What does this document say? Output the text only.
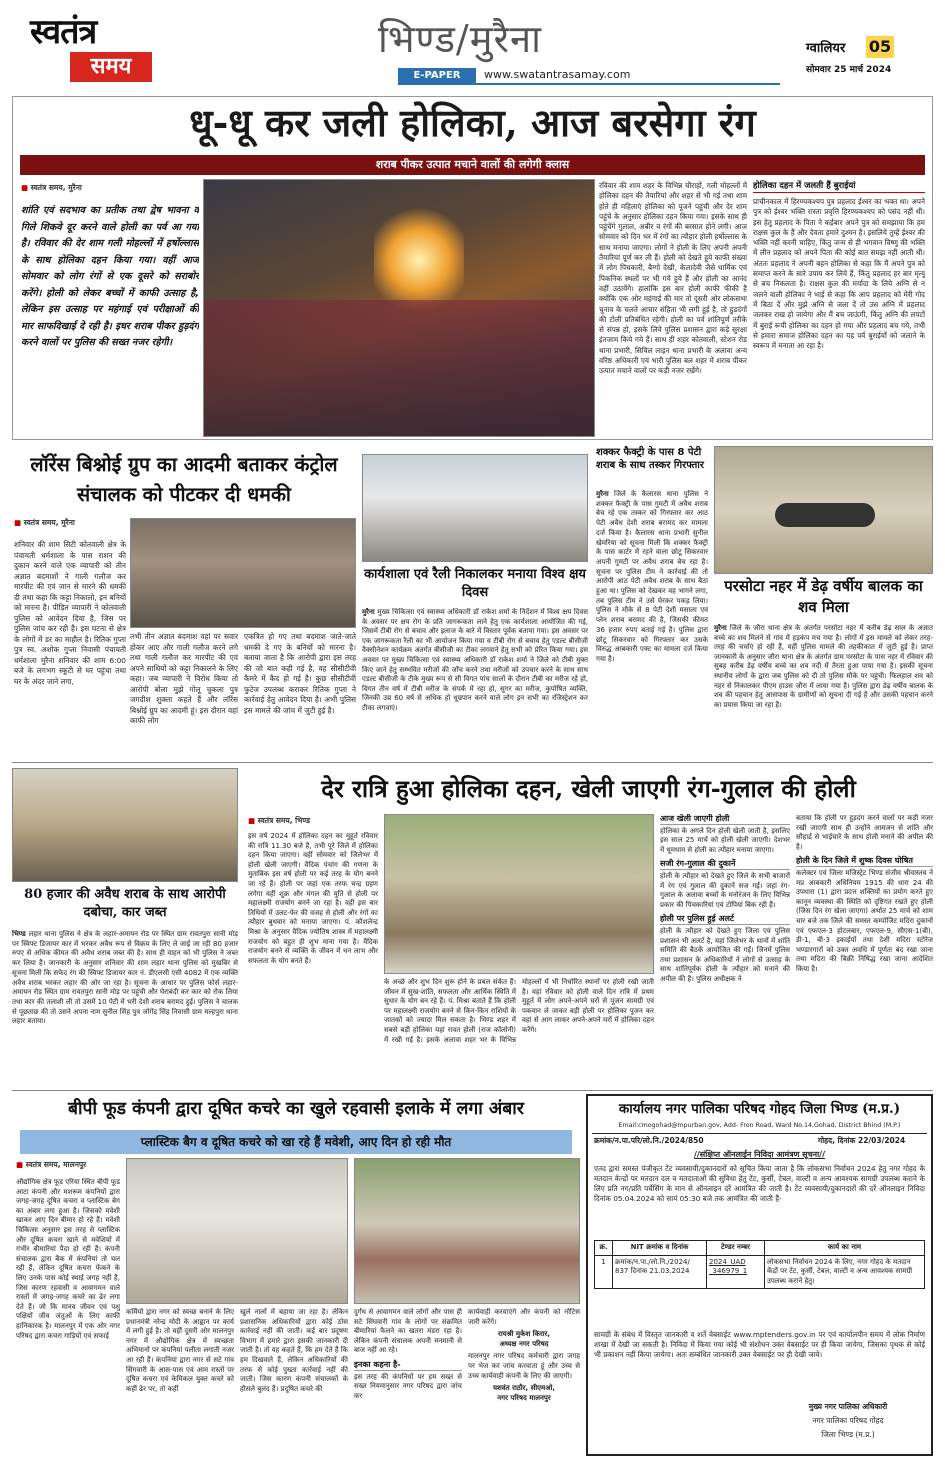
स्वतंत्र
समय
भिण्ड/मुरैना
E-PAPER	www.swatantrasamay.com
ग्वालियर 05
सोमवार 25 मार्च 2024
धू-धू कर जली होलिका, आज बरसेगा रंग
शराब पीकर उत्पात मचाने वालों की लगेगी क्लास
■ स्वतंत्र समय, मुरैना
शांति एवं सदभाव का प्रतीक तथा द्वेष भावना व गिले शिकवे दूर करने वाले होली का पर्व आ गया है। रविवार की देर शाम गली मोहल्लों में हर्षोल्लास के साथ होलिका दहन किया गया। वहीं आज सोमवार को लोग रंगों से एक दूसरे को सराबोर करेंगे। होली को लेकर बच्चों में काफी उत्साह है, लेकिन इस उत्साह पर महंगाई एवं परीक्षाओं की मार साफदिखाई दे रही है। इधर शराब पीकर हुड़दंग करने वालों पर पुलिस की सख्त नजर रहेगी।
रविवार की शाम शहर के विभिन्न चौराहों, गली मोहल्लों में होलिका दहन की तैयारियां और शहर से भी गई तथा शाम होते ही महिलाएं होलिका को पूजने पहुंची और देर शाम पहुंचे के अनुसार होलिका दहन किया गया। इसके साथ ही पहुंचेंगे गुलाल, अबीर व रंगों की बरसात होने लगी। आज सोमवार को दिन भर में रंगों का त्यौहार होली हर्षोल्लास के साथ मनाया जाएगा। लोगों ने होली के लिए अपनी अपनी तैयारियां पूर्ण कर ली हैं। होली को देखते हुये काफी संख्या में लोग पिचकारी, बैग्गो देखी, केलादेवी जैसे धार्मिक एवं पिकनिक स्थलों पर भी गये हुये हैं और होली का आनंद वहीं उठायेंगे। हालांकि इस बार होली काफी फीकी है क्योंकि एक ओर महंगाई की मार तो दूसरी ओर लोकसभा चुनाव के चलते आचार संहिता भी लगी हुई है, तो हुडदंगों की टोली प्रतिबंधित रहेगी। होली का पर्व शांतिपूर्ण तरीके से संपन्न हो, इसके लिये पुलिस प्रशासन द्वारा कड़े सुरक्षा इंतजाम किये गये हैं। साथ ही शहर कोतवाली, स्टेशन रोड थाना प्रभारी, सिविल लाइन थाना प्रभारी के अलावा अन्य वरिष्ठ अधिकारी एवं भारी पुलिस बल शहर में शराब पीकर उत्पात मचाने वालों पर कड़ी नजर रखेंगे।
होलिका दहन में जलती हैं बुराईयां
प्राचीनकाल में हिरण्यकश्यप पुत्र प्रहलाद ईश्वर का भक्त था। अपने पुत्र को ईश्वर भक्ति रास्ता प्रवृत्ति हिरण्यकश्यप को पसंद नहीं थी। इस हेतु प्रहलाद के पिता ने कईबार अपने पुत्र को समझाया कि हम राक्षस कुल के हैं और देवता हमारे दुश्मन है। इसलिये तुम्हें ईश्वर की भक्ति नहीं करनी चाहिए, किंतु जन्म से ही भगवान विष्णु की भक्ति में लीन प्रहलाद को अपने पिता की कोई बात समझ नहीं आती थी। अंततः प्रहलाद ने अपनी बहन होलिका से कहा कि मैं अपने पुत्र को समाप्त करने के सारे उपाय कर लिये हैं, किंतु प्रहलाद हर बार मृत्यु से बच निकलता है। राक्षस कुल की मर्यादा के लिये अग्नि से न जलने वाली होलिका ने भाई से कहा कि आप प्रहलाद को मेरी गोद में बिठा दें और मुझे अग्नि से जला दें तो उस अग्नि में प्रहलाद जलकर राख हो जायेगा और मैं बच जाऊंगी, किंतु अग्नि की लपटों में बुराई रूपी होलिका का दहन हो गया और प्रहलाद बच गये, तभी से हमारा समाज होलिका दहन का यह पर्व बुराईयों को जलाने के स्वरूप में मनाता आ रहा है।
लॉरेंस बिश्नोई ग्रुप का आदमी बताकर कंट्रोल संचालक को पीटकर दी धमकी
■ स्वतंत्र समय, मुरैना
शनिवार की शाम सिटी कोतवाली क्षेत्र के पंचायती धर्मशाला के पास राशन की दुकान करने वाले एक व्यापारी को तीन अज्ञात बदमाशों ने गाली गलौज कर मारपीट की एवं जान से मारने की धमकी दी तथा कहा कि कट्टा निकालो, इन बनियों को मारना है। पीड़ित व्यापारी ने कोतवाली पुलिस को आवेदन दिया है, जिस पर पुलिस जांच कर रही है। इस घटना से क्षेत्र के लोगों में डर का माहौल है। रितिक गुप्ता पुत्र स्व. अशोक गुप्ता निवासी पंचायती धर्मशाला मुरैना शनिवार की शाम 6:00 बजे के लगभग स्कूटी से घर पहुंचा तथा घर के अंदर जाने लगा,
तभी तीन अज्ञात बदमाश वहां पर सवार होकर आए और गाली गलौज करने लगे तथा गाली गलौज कर मारपीट की एवं अपने साथियों को कट्टा निकालने के लिए कहा। जब व्यापारी ने विरोध किया तो आरोपी बोला मुझे गोलू चुकला पुत्र जगदीश शुक्ला कहते हैं और लॉरेंस बिश्नोई ग्रुप का आदमी हूं। इस दौरान वहां काफी लोग
एकत्रित हो गए तथा बदमाश जाते-जाते धमकी दे गए के बनियों को मारना है। बताया जाता है कि आरोपी द्वारा इस तरह की जो बात कही गई है, वह सीसीटीवी कैमरे में कैद हो गई है। कुछ सीसीटीवी फुटेज उपलब्ध कराकर रितिक गुप्ता ने कार्रवाई हेतु आवेदन दिया है। अभी पुलिस इस मामले की जांच में जुटी हुई है।
कार्यशाला एवं रैली निकालकर मनाया विश्व क्षय दिवस
मुरैना मुख्य चिकित्सा एवं स्वास्थ्य अधिकारी डॉ राकेश शर्मा के निर्देशन में विश्व क्षय दिवस के अवसर पर क्षय रोग के प्रति जागरूकता लाने हेतु एक कार्यशाला आयोजित की गई, जिसमें टीबी रोग से बचाव और इलाज के बारे में विस्तार पूर्वक बताया गया। इस अवसर पर एक जागरूकता रैली का भी आयोजन किया गया व टीबी रोग से बचाव हेतु एडल्ट बीसीजी वैक्सीनेशन कार्यक्रम अंतर्गत बीसीजी का टीका लगवाने हेतु सभी को प्रेरित किया गया। इस अवसर पर मुख्य चिकित्सा एवं स्वास्थ्य अधिकारी डॉ राकेश शर्मा ने जिले को टीबी मुक्त किए जाने हेतु सम्भवित मरीजों की जाँच करने तथा मरीजों को उपचार करने के साथ साथ एडल्ट बीसीजी के टीके मुख्य रूप से सी विगत पांच सालों के दौरान टीबी का मरीज रहे हो, विगत तीन वर्ष में टीबी मरीज के संपर्क में रहा हो, सुगर का मरीज, कुपोषित व्यक्ति, जिनकी उम्र 60 वर्ष से अधिक हो धूम्रपान करने वाले लोग इन सभी का रजिस्ट्रेशन कर टीका लगवाएं।
शक्कर फैक्ट्री के पास 8 पेटी शराब के साथ तस्कर गिरफ्तार
मुरैना जिले के कैलारस थाना पुलिस ने शक्कर फैक्ट्री के पास गुमटी में अवैध शराब बेच रहे एक तस्कर को गिरफ्तार कर आठ पेटी अवैध देशी शराब बरामद कर मामला दर्ज किया है। कैलारस थाना प्रभारी सुनील खेमरिया को सूचना मिली कि शक्कर फैक्ट्री के पास कार्टर में रहने वाला छोटू सिकरवार अपनी गुमटी पर अवैध शराब बेच रहा है। सूचना पर पुलिस टीम ने कार्रवाई की तो आरोपी आठ पेटी अवैध शराब के साथ बैठा हुआ था। पुलिस को देखकर वह भागने लगा, तब पुलिस टीम ने उसे घेरकर पकड़ लिया। पुलिस ने मौके से 8 पेटी देशी मसाला एवं प्लेन शराब बरामद की है, जिसकी कीमत 36 हजार रुपए बताई गई है। पुलिस द्वारा छोटू सिकरवार को गिरफ्तार कर उसके विरुद्ध आबकारी एक्ट का मामला दर्ज किया गया है।
परसोटा नहर में डेढ़ वर्षीय बालक का शव मिला
मुरैना जिले के जौरा थाना क्षेत्र के अंतर्गत परसोटा नहर में करीब डेढ़ साल के अज्ञात बच्चे का शव मिलने से गांव में हड़कंप मच गया है। लोगों में इस मामले को लेकर तरह-तरह की चर्चाएं हो रही हैं, वहीं पुलिस मामले की तहकीकात में जुटी हुई है। प्राप्त जानकारी के अनुसार जौरा थाना क्षेत्र के अंतर्गत ग्राम परसोटा के पास नहर में रविवार की सुबह करीब डेढ़ वर्षीय बच्चे का शव नदी में तैरता हुआ पाया गया है। इसकी सूचना स्थानीय लोगों के द्वारा जब पुलिस को दी तो पुलिस मौके पर पहुंची। फिलहाल शव को नहर से निकालकर पीएम हाउस जौरा में लाया गया है। पुलिस द्वारा डेढ़ वर्षीय बालक के शव की पहचान हेतु आसपास के ग्रामीणों को सूचना दी गई है और उसकी पहचान करने का प्रयास किया जा रहा है।
80 हजार की अवैध शराब के साथ आरोपी दबोचा, कार जब्त
भिण्ड लहार थाना पुलिस ने क्षेत्र के लहार-अमायन रोड पर स्थित ग्राम रावतपुरा सानी मोड़ पर स्विफ्ट डिजायर कार में भरकर अवैध रूप से विक्रय के लिए ले जाई जा रही 80 हजार रुपए से अधिक कीमत की अवैध शराब जब्त की है। साथ ही वाहन को भी पुलिस ने जब्त कर लिया है। जानकारी के अनुसार शनिवार की शाम लहार थाना पुलिस को मुखबिर से सूचना मिली कि सफेद रंग की स्विफ्ट डिजायर कार नं. डीएलसी एसी 4082 में एक व्यक्ति अवैध शराब भरकर लहार की ओर जा रहा है। सूचना के आधार पर पुलिस फोर्स लहार-अमायन रोड स्थित ग्राम रावतपुरा सानी मोड़ पर पहुंची और घेराबंदी कर कार को रोक लिया तथा कार की तलाशी ली तो उसमें 10 पेटी में भरी देशी शराब बरामद हुई। पुलिस ने चालक से पूछताछ की तो उसने अपना नाम सुनील सिंह पुत्र जोगेंद्र सिंह निवासी ग्राम मल्हपुरा थाना लहार बताया।
देर रात्रि हुआ होलिका दहन, खेली जाएगी रंग-गुलाल की होली
■ स्वतंत्र समय, भिण्ड
इस वर्ष 2024 में होलिका दहन का मुहूर्त रविवार की रात्रि 11.30 बजे है, तभी पूरे जिले में होलिका दहन किया जाएगा। वहीं सोमवार को जिलेभर में होली खेली जाएगी। वैदिक पंचांग की गणना के मुताबिक इस वर्ष होली पर कई तरह के योग बनने जा रहे हैं। होली पर जहां एक तरफ चन्द्र ग्रहण लगेगा वहीं शुक्र और मंगल की युति से होली पर महालक्ष्मी राजयोग बनने जा रहा है। वहीं इस बार तिथियों में उलट-फेर की वजह से होली और रंगों का त्यौहार बुधवार को मनाया जाएगा। पं. कौशलेन्द्र मिश्रा के अनुसार वैदिक ज्योतिष शास्त्र में महालक्ष्मी राजयोग को बहुत ही शुभ माना गया है। वैदिक राजयोग बनने से व्यक्ति के जीवन में धन लाभ और सफलता के योग बनते हैं।
के अच्छे और शुभ दिन शुरू होने के प्रबल संकेत हैं। जीवन में सुख-शांति, सफलता और आर्थिक स्थिति में सुधार के योग बन रहे हैं। पं. मिश्रा बताते हैं कि होली पर महालक्ष्मी राजयोग बनने से किन-किन राशियों के जातकों को ज्यादा मिल सकता है। भिण्ड शहर में सबसे बड़ी होलिका यहां रावत होली (राज कॉलोनी) में रखी गई है। इसके अलावा शहर भर के विभिन्न मोहल्लों में भी निर्धारित स्थानों पर होली रखी जाती है। वहां रविवार को होली वाले दिन रात्रि में प्रथम मुहूर्त में लोग अपने-अपने घरों से पूजन सामग्री एवं पकवान ले जाकर बड़ी होली पर होलिका पूजन कर वहां से आग लाकर अपने-अपने घरों में होलिका दहन करेंगे।
आज खेली जाएगी होली
होलिका के अगले दिन होली खेली जाती है, इसलिए इस साल 25 मार्च को होली खेली जाएगी। देशभर में धूमधाम से होली का त्यौहार मनाया जाएगा।
सजी रंग-गुलाल की दुकानें
होली के त्यौहार को देखते हुए जिले के सभी बाजारों में रंग एवं गुलाल की दुकानें सज गईं। जहां रंग-गुलाल के अलावा बच्चों के मनोरंजन के लिए विभिन्न प्रकार की पिचकारियां एवं टोपियां बिक रही हैं।
होली पर पुलिस हुई अलर्ट
होली के त्यौहार को देखते हुए जिला एवं पुलिस प्रशासन भी अलर्ट है, यहां जिलेभर के थानों में शांति समिति की बैठकें आयोजित की गईं। जिनमें पुलिस तथा प्रशासन के अधिकारियों ने लोगों से उत्साह के साथ शांतिपूर्वक होली के त्यौहार को मनाने की अपील की है। पुलिस अधीक्षक ने
बताया कि होली पर हुड़दंग करने वालों पर कड़ी नजर रखी जाएगी साथ ही उन्होंने आमजन से शांति और सौहार्द्र से भाईचारे के साथ होली मनाने की अपील की है।
होली के दिन जिले में शुष्क दिवस घोषित
कलेक्टर एवं जिला मजिस्ट्रेट भिण्ड संजीव श्रीवास्तव ने मप्र आबकारी अधिनियम 1915 की धारा 24 की उपधारा (1) द्वारा प्रदत्त शक्तियों का प्रयोग करते हुए कानून व्यवस्था की स्थिति को दृष्टिगत रखते हुए होली (जिस दिन रंग खेला जाएगा) अर्थात 25 मार्च को शाम चार बजे तक जिले की समस्त कम्पोजिट मदिरा दुकानों एवं एफएल-3 होटलबार, एफएल-9, सीएस-1(बी), डी-1, बी-3 इकाईयों तथा देशी मदिरा स्टोरेज भण्डारगारों को उक्त अवधि में पूर्णतः बंद रखा जाना तथा मदिरा की बिक्री निषिद्ध रखा जाना आदेशित किया है।
बीपी फूड कंपनी द्वारा दूषित कचरे का खुले रहवासी इलाके में लगा अंबार
प्लास्टिक बैग व दूषित कचरे को खा रहे हैं मवेशी, आए दिन हो रही मौत
■ स्वतंत्र समय, मालनपुर
औद्योगिक क्षेत्र फूड एरिया स्थित बीपी फूड आटा कंपनी और मशरूम कंपनियों द्वारा जगह-जगह दूषित कचरा व प्लास्टिक बेग का अंबार लगा हुआ है। जिसको मवेशी खाकर आए दिन बीमार हो रहे हैं। मवेशी चिकित्सा अनुसार इस तरह से प्लास्टिक और दूषित कचरा खाने से मवेशियों में गंभीर बीमारियां पैदा हो रही हैं। कंपनी संचालक द्वारा बैक में कंपनियां तो चल रही हैं, लेकिन दूषित कचरा फेंकने के लिए उनके पास कोई स्थाई जगह नहीं है, जिस कारण रहवासी व आवागमन वाले रास्तों में जगह-जगह कचरे का ढेर लगा देते हैं। जो कि मानव जीवन एवं पशु पक्षियों जीव जंतुओं के लिए काफी हानिकारक है। मालनपुर में एक ओर नगर परिषद द्वारा कचरा गाड़ियों एवं सफाई
कर्मियों द्वारा नगर को स्वच्छ बनाने के लिए प्रधानमंत्री नरेन्द्र मोदी के आह्वान पर कार्य में लगी हुई है। तो वहीं दूसरी ओर मालनपुर नगर में औद्योगिक क्षेत्र में स्वच्छता अभियानों पर कंपनियां पलीता लगाती नजर आ रही हैं। कंपनियां द्वारा नगर से सटे गांव सिंगवारी के आस-पास एवं आम रास्तों पर दूषित कचरा एवं केमिकल युक्त कचरे को कहीं ढेर पर, तो कहीं
खुले नालों में बहाया जा रहा है। लेकिन प्रशासनिक अधिकारियों द्वारा कोई ठोस कार्रवाई नहीं की जाती। कई बार प्रदूषण विभाग में हमारे द्वारा इसकी जानकारी दी जाती है। तो वह कहते हैं, कि हम देते हैं कि हम दिखवाते हैं, लेकिन अधिकारियों की तरफ से कोई पुख्ता कार्रवाई नहीं की जाती। जिस कारण कंपनी संचालकों के हौसले बुलंद हैं। प्रदूषित कचरे की
दुर्गंध से आवागमन वाले लोगों और पास ही सटे सिंघवारी गांव के लोगों पर संक्रमित बीमारियां फैलने का खतरा मंडरा रहा है। लेकिन कंपनी संचालक अपनी मनमानी से बाज नहीं आ रहे।
इनका कहना है-
इस तरह की कंपनियों पर हम सख्त से सख्त नियमानुसार नगर परिषद द्वारा जांच कर
कार्यवाही करवाएंगे और कंपनी को नोटिस जारी करेंगे।
रायश्री मुकेश किरार,
अध्यक्ष नगर परिषद
मालनपुर नगर परिषद कर्मचारी द्वारा जगह पर भेज कर जांच करवाता हूं और उच्च से उच्च कार्यवाही कंपनी के लिए की जाएगी।
यशवंत राठौर, सीएमओ,
नगर परिषद मालनपुर
कार्यालय नगर पालिका परिषद गोहद जिला भिण्ड (म.प्र.)
Email:cmogohad@mpurban.gov, Add- Fron Road, Ward No.14,Gohad, District Bhind (M.P.)
क्रमांक/न.पा.परि/लो.नि./2024/850	गोहद, दिनांक 22/03/2024
//संक्षिप्त ऑनलाईन निविदा आमंत्रण सूचना//
एतद द्वारा समस्त पंजीकृत टेंट व्यवसायी/दुकानदारों को सूचित किया जाता है कि लोकसभा निर्वाचन 2024 हेतु नगर गोहद के मतदान केन्द्रों पर मतदान दल व मतदाताओं की सुविधा हेतु टेंट, कुर्सी, टेबल, वाल्टी व अन्य आवश्यक सामग्री उपलब्ध कराने के लिए प्रति नग/प्रति पर्चेसिंग के मान से ऑनलाइन दरें आमंत्रित की जाती है। टेंट व्यवसायी/दुकानदारों की दरें ऑनलाइन निविदा दिनांक 05.04.2024 को सायं 05:30 बजे तक आमंत्रित की जाती हैं-
क्र.	NIT क्रमांक व दिनांक	टेण्डर नम्बर	कार्य का नाम
1	क्रमांक/न.पा./लो.नि./2024/ 837 दिनांक 21.03.2024	2024_UAD _346979_1	लोकसभा निर्वाचन 2024 के लिए, नगर गोहद के मतदान केंद्रों पर टेंट, कुर्सी, टेबल, वाल्टी व अन्य आवश्यक सामग्री उपलब्ध कराने हेतु।
सामग्री के संबंध में विस्तृत जानकारी व शर्ते वेबसाईट www.mptenders.gov.in पर एवं कार्यालयीन समय में लोक निर्माण शाखा में देखी जा सकती है। निविदा में किया गया कोई भी संशोधन उक्त वेबसाईट पर ही किया जायेगा, जिसका पृथक से कोई भी प्रकाशन नहीं किया जायेगा। अतः सम्बंधित जानकारी उक्त वेबसाईट पर ही देखी जावे।
मुख्य नगर पालिका अधिकारी
नगर पालिका परिषद गोहद
जिला भिण्ड (म.प्र.)
